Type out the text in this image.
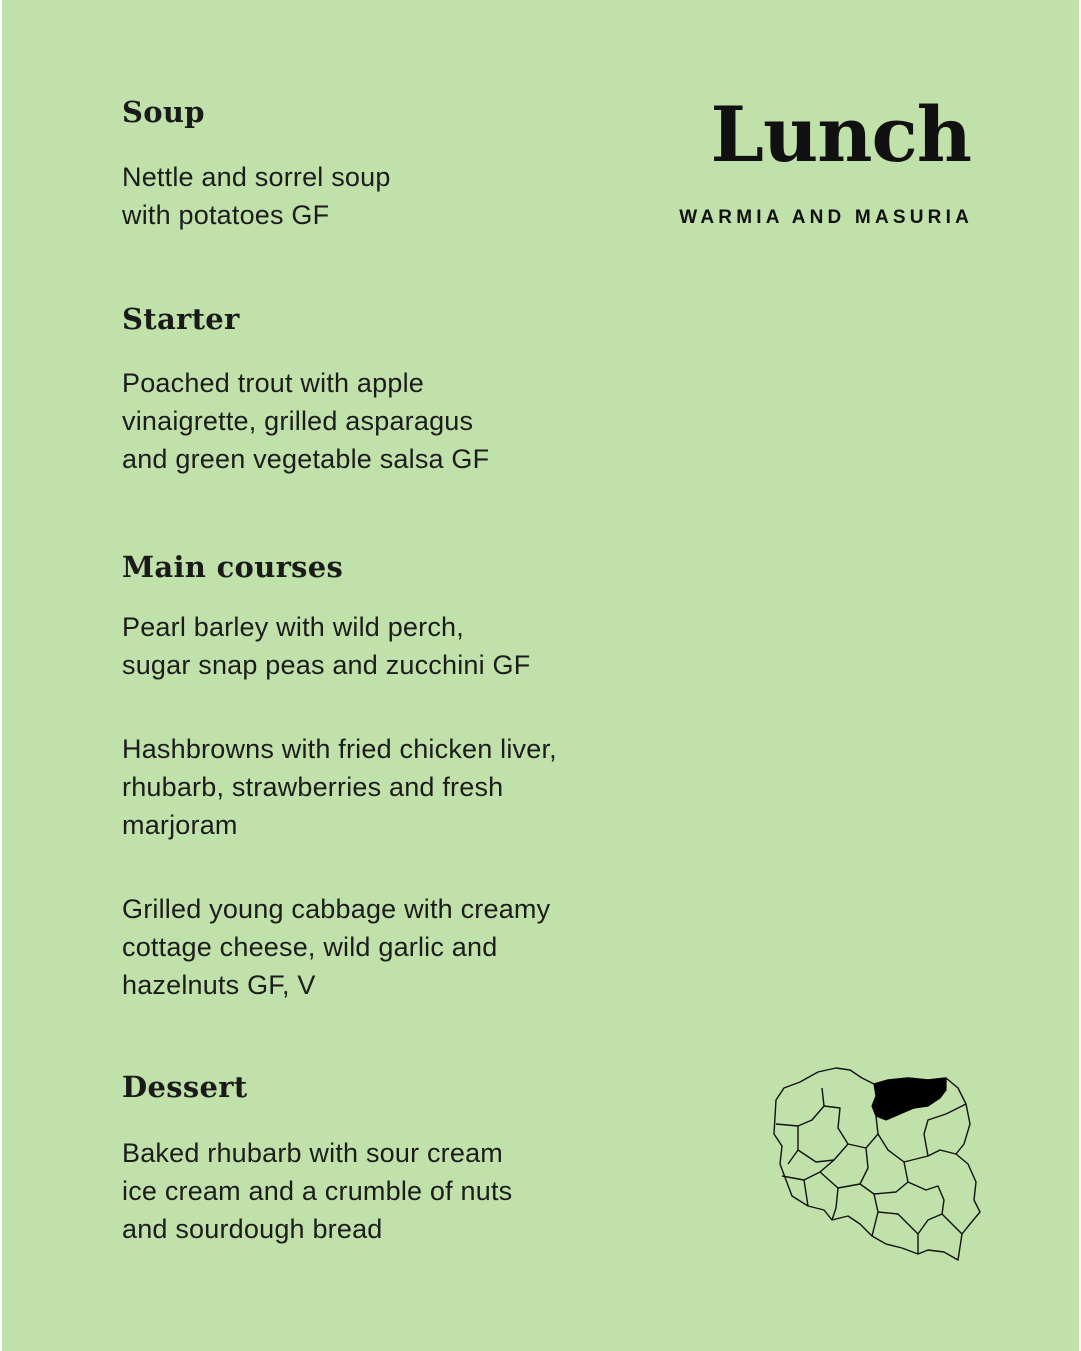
Soup

Nettle and sorrel soup
with potatoes GF

Starter

Poached trout with apple
vinaigrette, grilled asparagus
and green vegetable salsa GF

Main courses

Pearl barley with wild perch,
sugar snap peas and zucchini GF

Hashbrowns with fried chicken liver,
rhubarb, strawberries and fresh
marjoram

Grilled young cabbage with creamy
cottage cheese, wild garlic and
hazelnuts GF, V

Dessert

Baked rhubarb with sour cream
ice cream and a crumble of nuts
and sourdough bread

Lunch
WARMIA AND MASURIA
